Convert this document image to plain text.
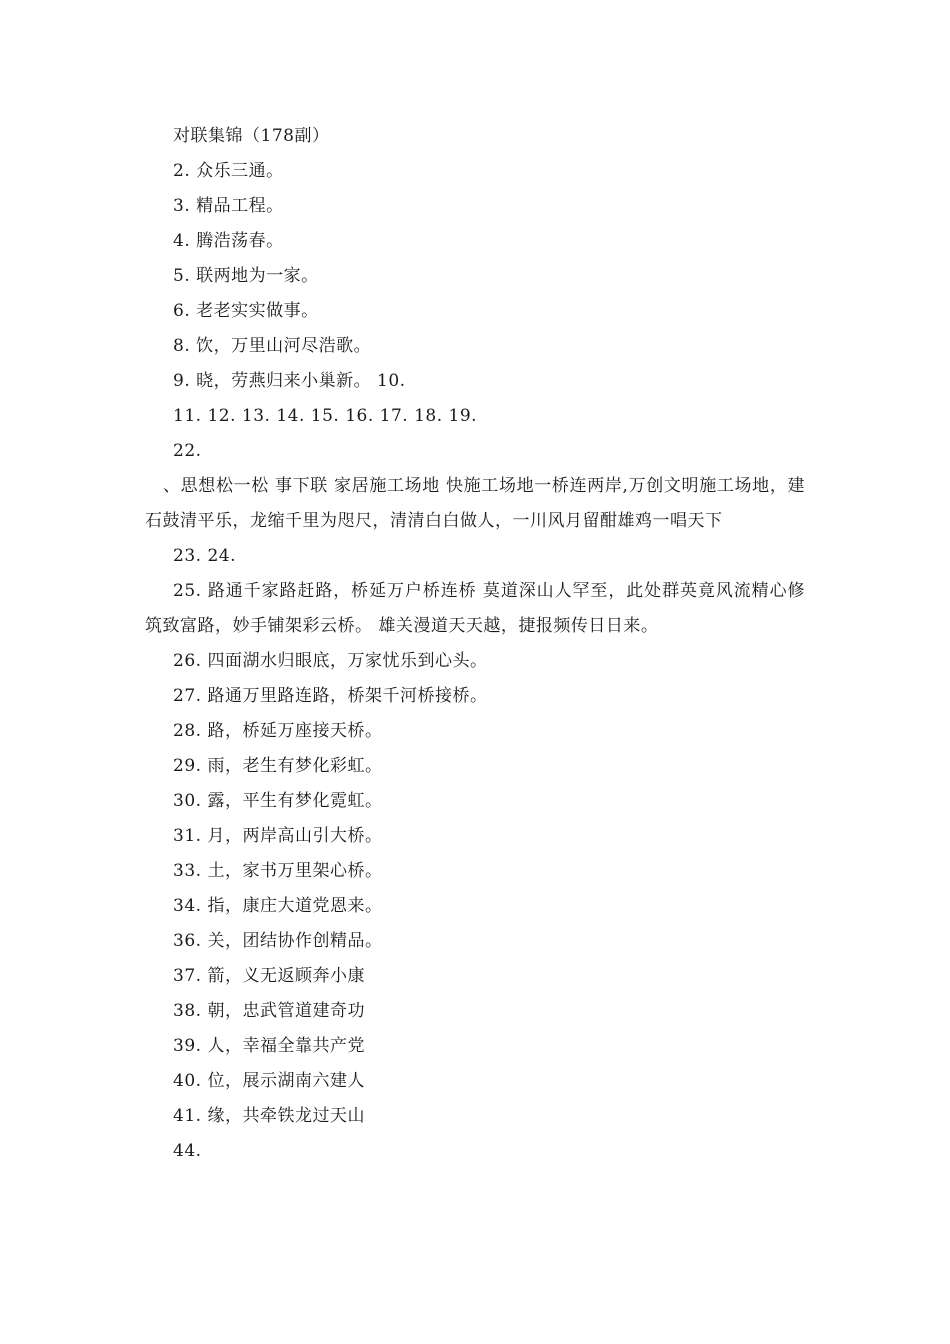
对联集锦（178副）
2. 众乐三通。
3. 精品工程。
4. 腾浩荡春。
5. 联两地为一家。
6. 老老实实做事。
8. 饮，万里山河尽浩歌。
9. 晓，劳燕归来小巢新。 10.
11. 12. 13. 14. 15. 16. 17. 18. 19.
22.
、思想松一松 事下联 家居施工场地 快施工场地一桥连两岸,万创文明施工场地，建石鼓清平乐，龙缩千里为咫尺，清清白白做人，一川风月留酣雄鸡一唱天下
23. 24.
25. 路通千家路赶路，桥延万户桥连桥 莫道深山人罕至，此处群英竟风流精心修筑致富路，妙手铺架彩云桥。 雄关漫道天天越，捷报频传日日来。
26. 四面湖水归眼底，万家忧乐到心头。
27. 路通万里路连路，桥架千河桥接桥。
28. 路，桥延万座接天桥。
29. 雨，老生有梦化彩虹。
30. 露，平生有梦化霓虹。
31. 月，两岸高山引大桥。
33. 土，家书万里架心桥。
34. 指，康庄大道党恩来。
36. 关，团结协作创精品。
37. 箭，义无返顾奔小康
38. 朝，忠武管道建奇功
39. 人，幸福全靠共产党
40. 位，展示湖南六建人
41. 缘，共牵铁龙过天山
44.
